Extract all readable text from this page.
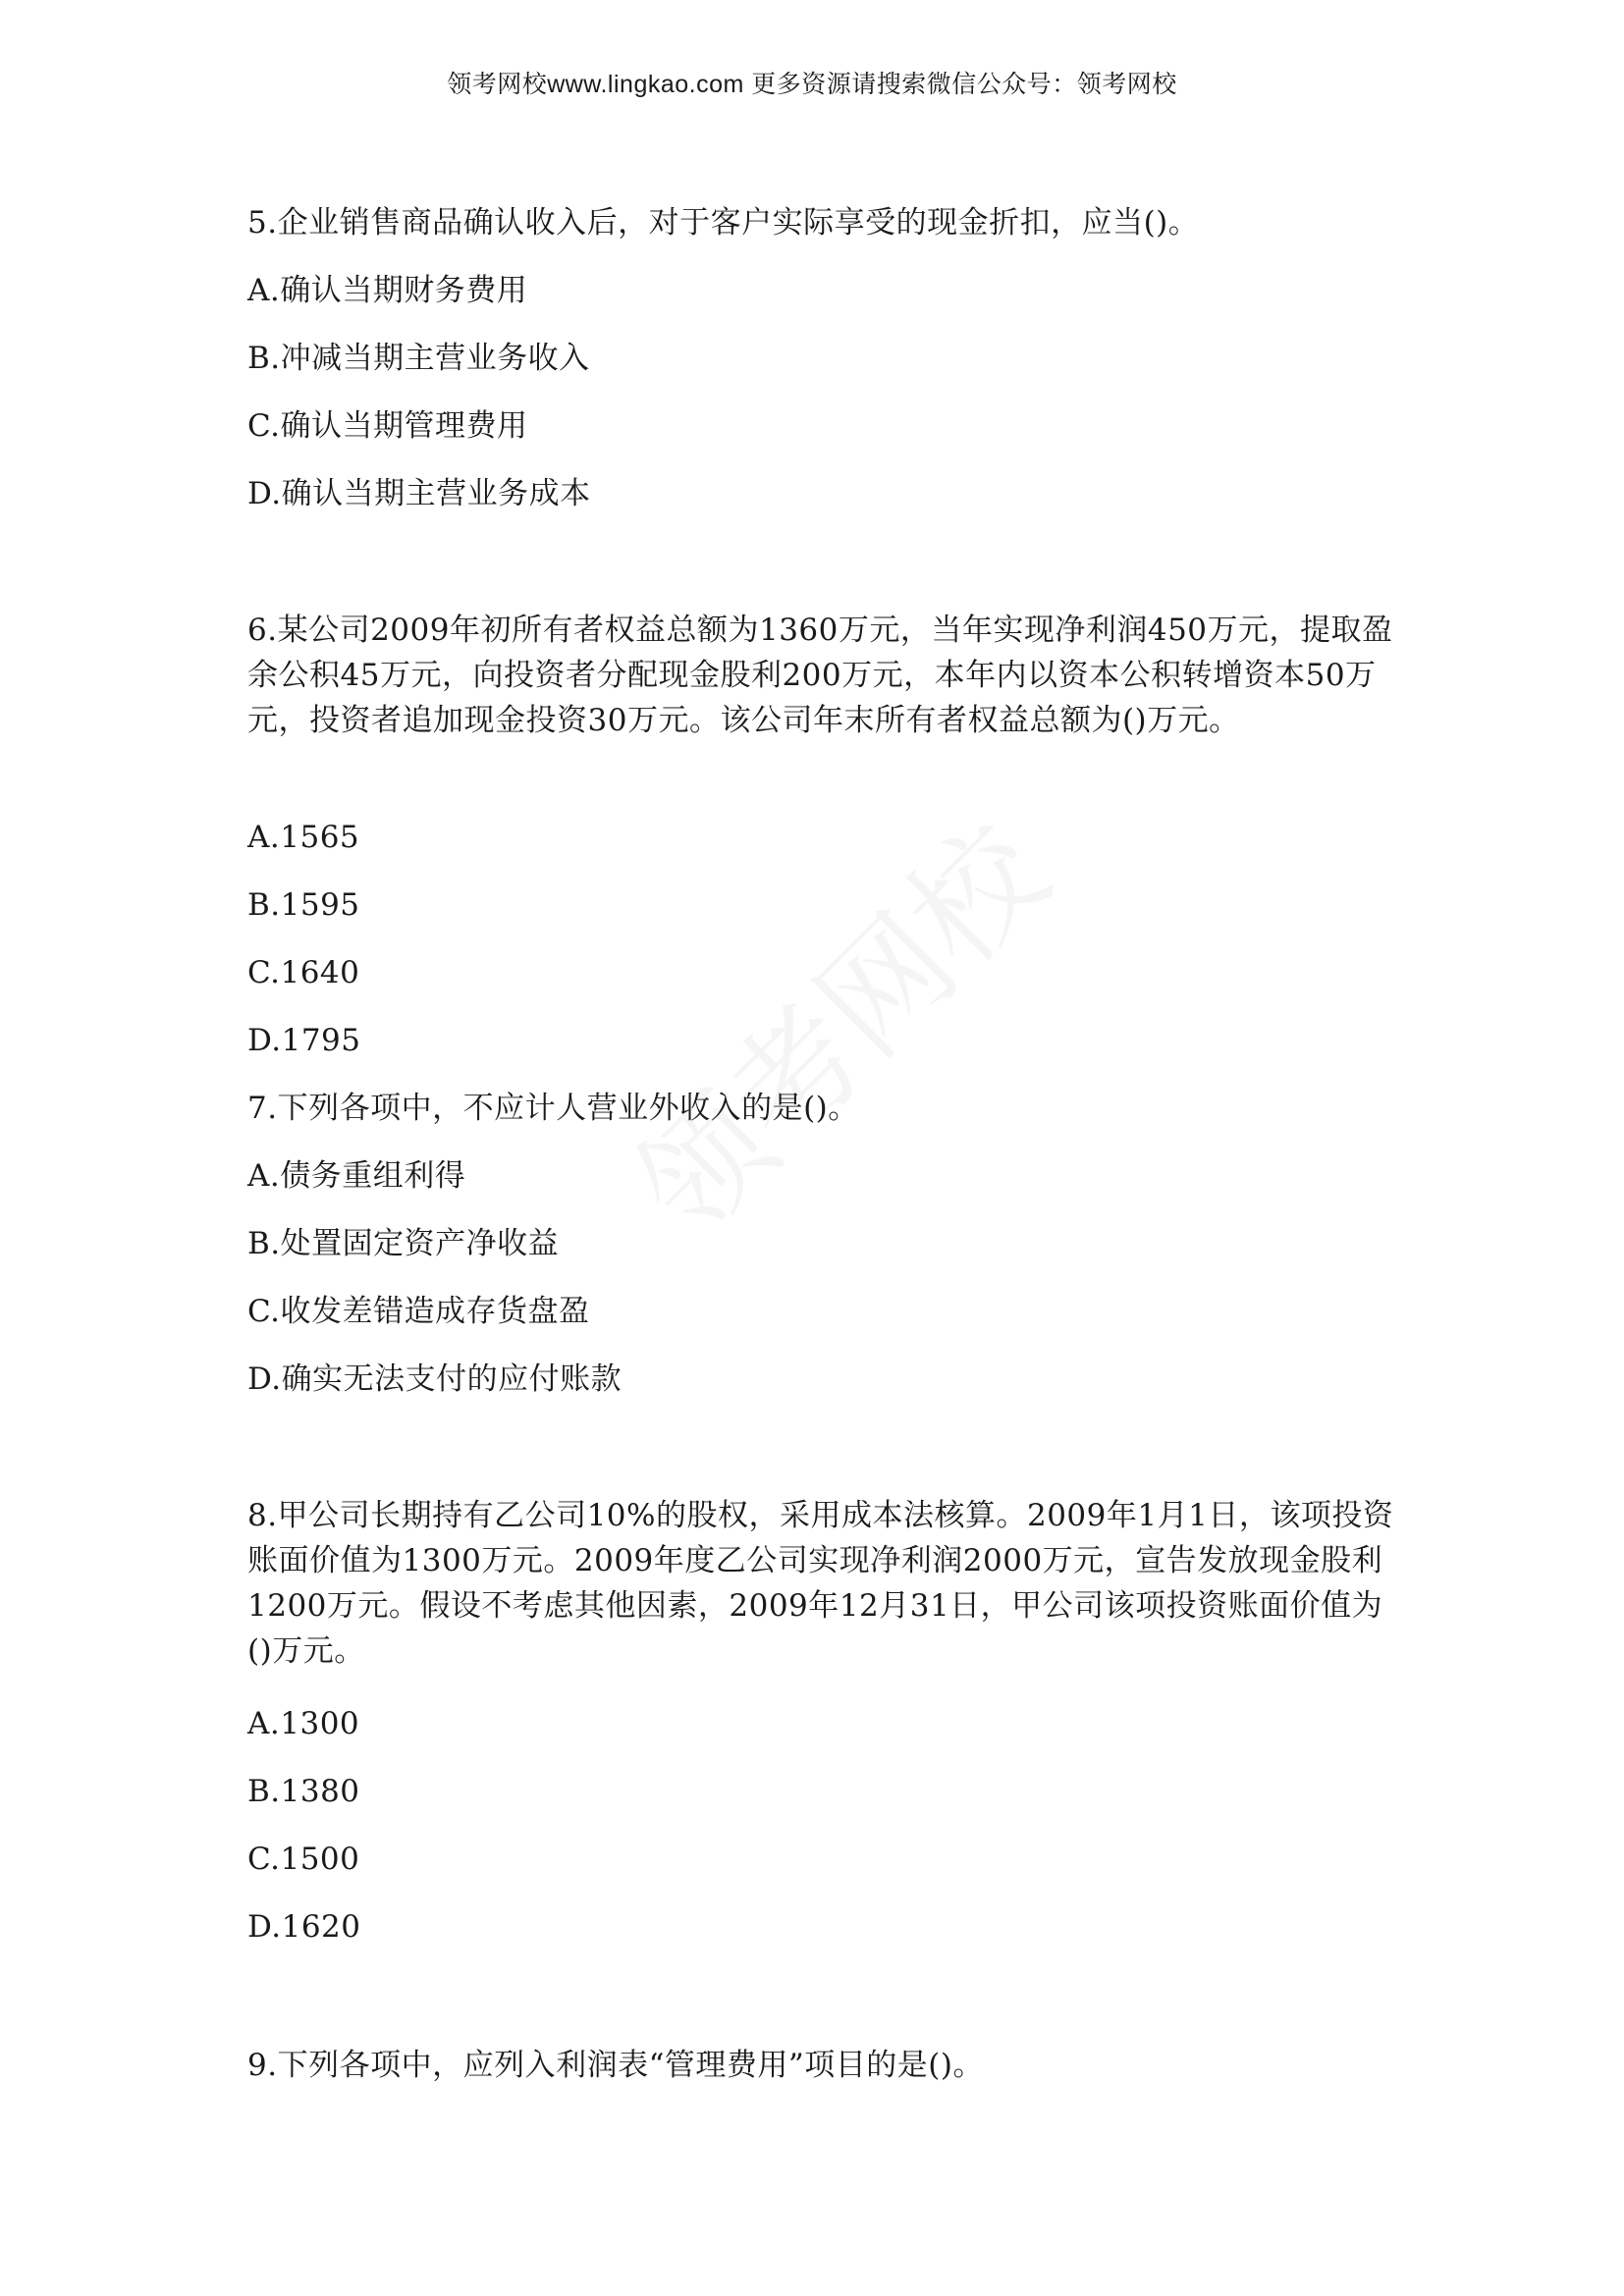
领考网校www.lingkao.com 更多资源请搜索微信公众号：领考网校

5.企业销售商品确认收入后，对于客户实际享受的现金折扣，应当()。

A.确认当期财务费用

B.冲减当期主营业务收入

C.确认当期管理费用

D.确认当期主营业务成本

6.某公司2009年初所有者权益总额为1360万元，当年实现净利润450万元，提取盈余公积45万元，向投资者分配现金股利200万元，本年内以资本公积转增资本50万元，投资者追加现金投资30万元。该公司年末所有者权益总额为()万元。

A.1565

B.1595

C.1640

D.1795

7.下列各项中，不应计人营业外收入的是()。

A.债务重组利得

B.处置固定资产净收益

C.收发差错造成存货盘盈

D.确实无法支付的应付账款

8.甲公司长期持有乙公司10%的股权，采用成本法核算。2009年1月1日，该项投资账面价值为1300万元。2009年度乙公司实现净利润2000万元，宣告发放现金股利1200万元。假设不考虑其他因素，2009年12月31日，甲公司该项投资账面价值为()万元。

A.1300

B.1380

C.1500

D.1620

9.下列各项中，应列入利润表“管理费用”项目的是()。
